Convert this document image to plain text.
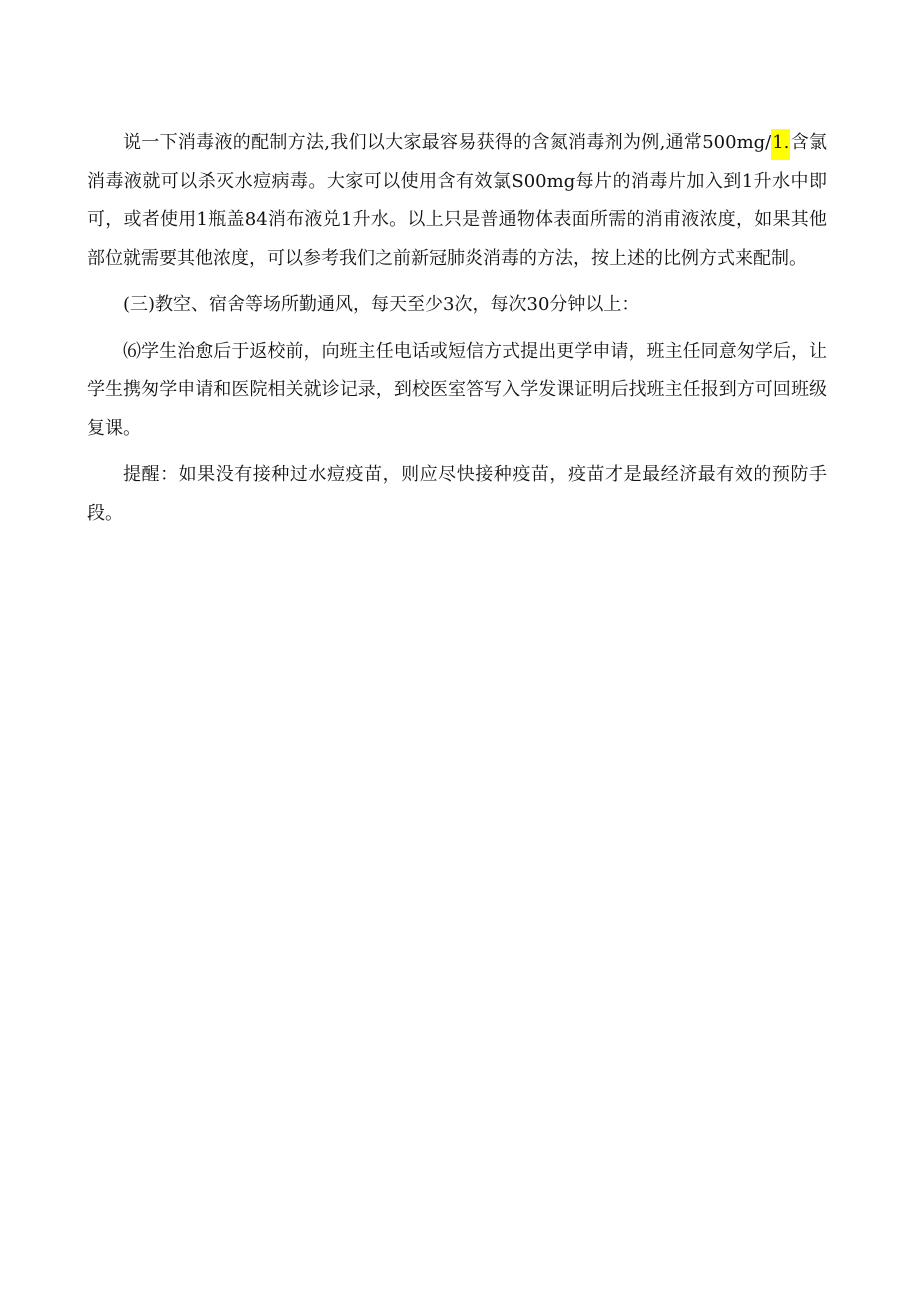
说一下消毒液的配制方法,我们以大家最容易获得的含氮消毒剂为例,通常500mg/1.含氯消毒液就可以杀灭水痘病毒。大家可以使用含有效氯S00mg每片的消毒片加入到1升水中即可，或者使用1瓶盖84消布液兑1升水。以上只是普通物体表面所需的消甫液浓度，如果其他部位就需要其他浓度，可以参考我们之前新冠肺炎消毒的方法，按上述的比例方式来配制。

(三)教空、宿舍等场所勤通风，每天至少3次，每次30分钟以上：

⑹学生治愈后于返校前，向班主任电话或短信方式提出更学申请，班主任同意匆学后，让学生携匆学申请和医院相关就诊记录，到校医室答写入学发课证明后找班主任报到方可回班级复课。

提醒：如果没有接种过水痘疫苗，则应尽快接种疫苗，疫苗才是最经济最有效的预防手段。
